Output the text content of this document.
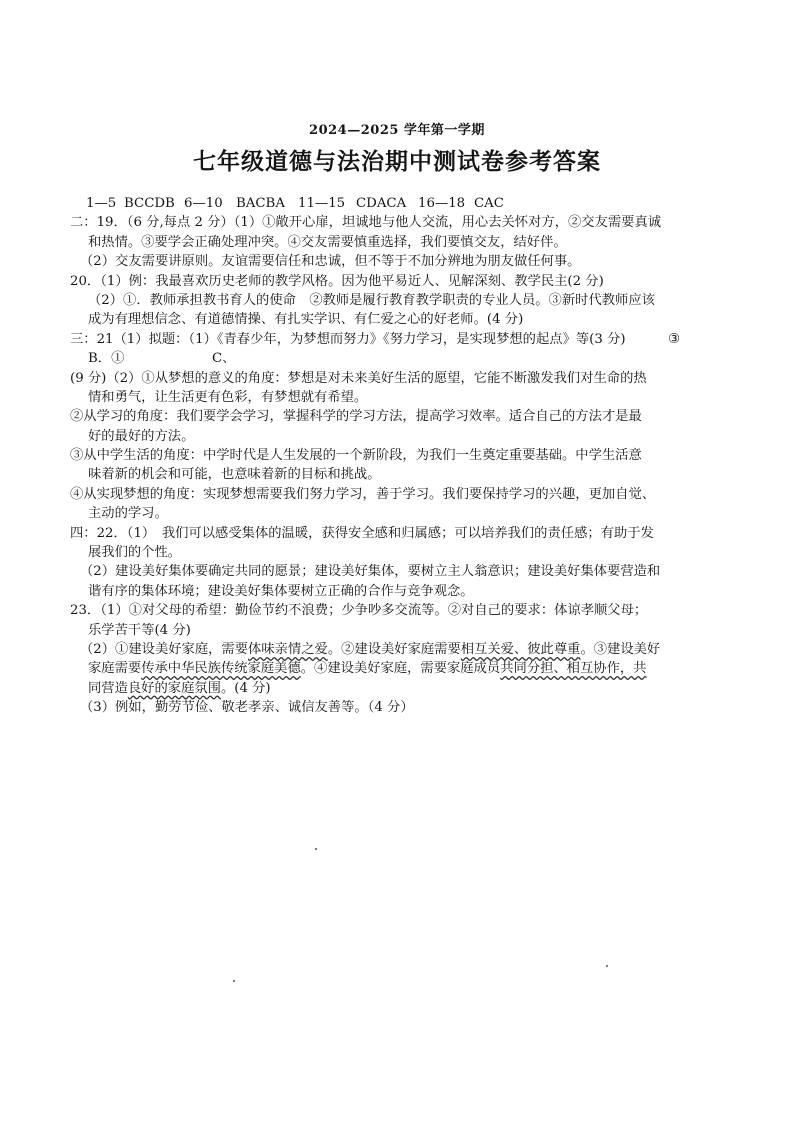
2024—2025 学年第一学期
七年级道德与法治期中测试卷参考答案
1—5 BCCDB 6—10 BACBA 11—15 CDACA 16—18 CAC
二：19．（6 分,每点 2 分）（1）①敞开心扉，坦诚地与他人交流，用心去关怀对方，②交友需要真诚
和热情。③要学会正确处理冲突。④交友需要慎重选择，我们要慎交友，结好伴。
（2）交友需要讲原则。友谊需要信任和忠诚，但不等于不加分辨地为朋友做任何事。
20．（1）例：我最喜欢历史老师的教学风格。因为他平易近人、见解深刻、教学民主(2 分)
（2）①．教师承担教书育人的使命　②教师是履行教育教学职责的专业人员。③新时代教师应该
成为有理想信念、有道德情操、有扎实学识、有仁爱之心的好老师。(4 分)
三：21（1）拟题：（1）《青春少年，为梦想而努力》《努力学习，是实现梦想的起点》等(3 分)	③
B．①	C、
(9 分)（2）①从梦想的意义的角度：梦想是对未来美好生活的愿望，它能不断激发我们对生命的热
情和勇气，让生活更有色彩，有梦想就有希望。
②从学习的角度：我们要学会学习，掌握科学的学习方法，提高学习效率。适合自己的方法才是最
好的最好的方法。
③从中学生活的角度：中学时代是人生发展的一个新阶段，为我们一生奠定重要基础。中学生活意
味着新的机会和可能，也意味着新的目标和挑战。
④从实现梦想的角度：实现梦想需要我们努力学习，善于学习。我们要保持学习的兴趣，更加自觉、
主动的学习。
四：22．（1）　我们可以感受集体的温暖，获得安全感和归属感；可以培养我们的责任感；有助于发
展我们的个性。
（2）建设美好集体要确定共同的愿景；建设美好集体，要树立主人翁意识；建设美好集体要营造和
谐有序的集体环境；建设美好集体要树立正确的合作与竞争观念。
23．（1）①对父母的希望：勤俭节约不浪费；少争吵多交流等。②对自己的要求：体谅孝顺父母；
乐学苦干等(4 分)
（2）①建设美好家庭，需要体味亲情之爱。②建设美好家庭需要相互关爱、彼此尊重。③建设美好
家庭需要传承中华民族传统家庭美德。④建设美好家庭，需要家庭成员共同分担、相互协作，共
同营造良好的家庭氛围。(4 分)
（3）例如，勤劳节俭、敬老孝亲、诚信友善等。（4 分）
